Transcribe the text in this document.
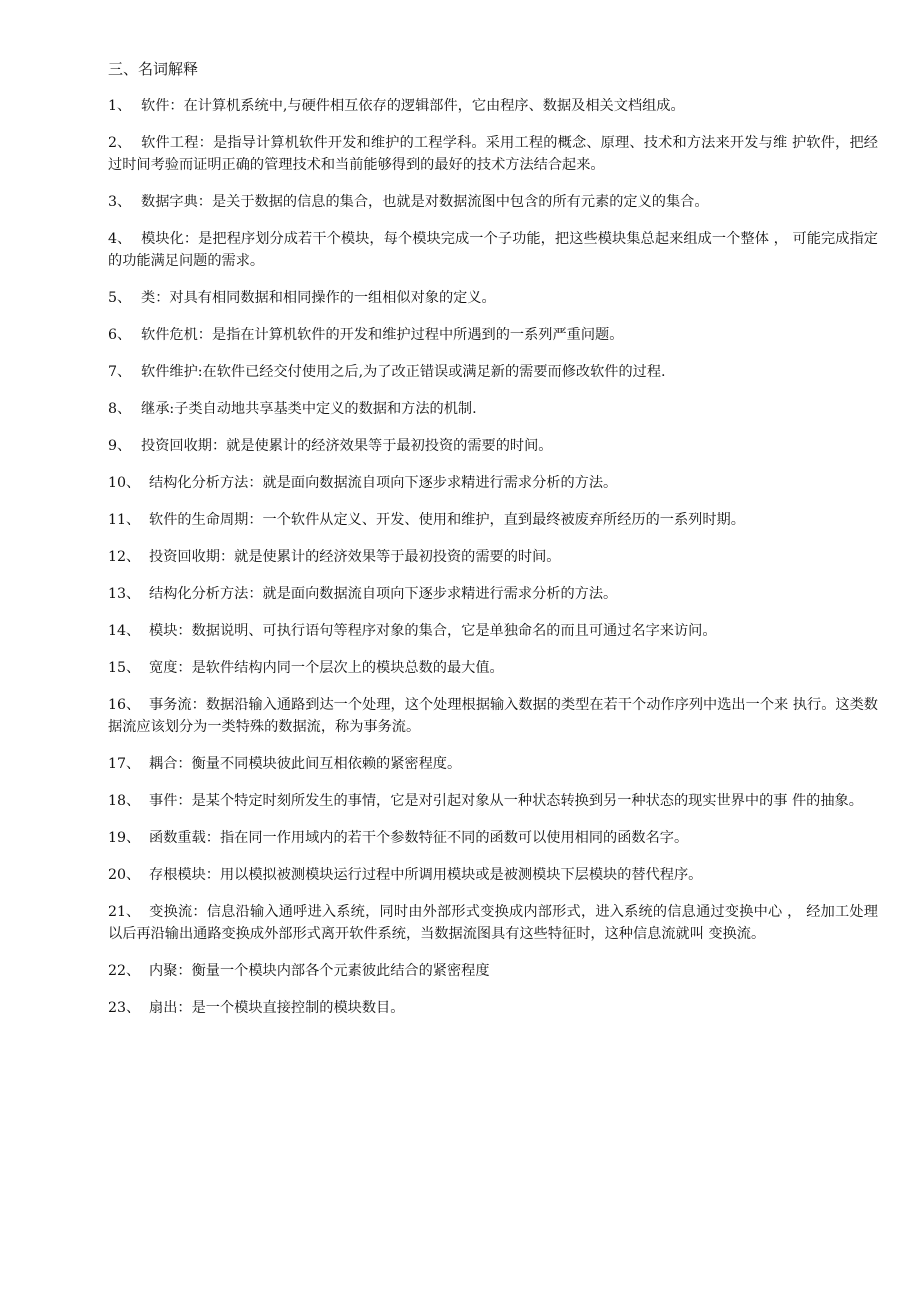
三、名词解释
1、 软件：在计算机系统中,与硬件相互依存的逻辑部件，它由程序、数据及相关文档组成。
2、 软件工程：是指导计算机软件开发和维护的工程学科。采用工程的概念、原理、技术和方法来开发与维 护软件，把经过时间考验而证明正确的管理技术和当前能够得到的最好的技术方法结合起来。
3、 数据字典：是关于数据的信息的集合，也就是对数据流图中包含的所有元素的定义的集合。
4、 模块化：是把程序划分成若干个模块，每个模块完成一个子功能，把这些模块集总起来组成一个整体 ， 可能完成指定的功能满足问题的需求。
5、 类：对具有相同数据和相同操作的一组相似对象的定义。
6、 软件危机：是指在计算机软件的开发和维护过程中所遇到的一系列严重问题。
7、 软件维护:在软件已经交付使用之后,为了改正错误或满足新的需要而修改软件的过程.
8、 继承:子类自动地共享基类中定义的数据和方法的机制.
9、 投资回收期：就是使累计的经济效果等于最初投资的需要的时间。
10、 结构化分析方法：就是面向数据流自项向下逐步求精进行需求分析的方法。
11、 软件的生命周期：一个软件从定义、开发、使用和维护，直到最终被废弃所经历的一系列时期。
12、 投资回收期：就是使累计的经济效果等于最初投资的需要的时间。
13、 结构化分析方法：就是面向数据流自项向下逐步求精进行需求分析的方法。
14、 模块：数据说明、可执行语句等程序对象的集合，它是单独命名的而且可通过名字来访问。
15、 宽度：是软件结构内同一个层次上的模块总数的最大值。
16、 事务流：数据沿输入通路到达一个处理，这个处理根据输入数据的类型在若干个动作序列中选出一个来 执行。这类数据流应该划分为一类特殊的数据流，称为事务流。
17、 耦合：衡量不同模块彼此间互相依赖的紧密程度。
18、 事件：是某个特定时刻所发生的事情，它是对引起对象从一种状态转换到另一种状态的现实世界中的事 件的抽象。
19、 函数重载：指在同一作用域内的若干个参数特征不同的函数可以使用相同的函数名字。
20、 存根模块：用以模拟被测模块运行过程中所调用模块或是被测模块下层模块的替代程序。
21、 变换流：信息沿输入通呼进入系统，同时由外部形式变换成内部形式，进入系统的信息通过变换中心 ， 经加工处理以后再沿输出通路变换成外部形式离开软件系统，当数据流图具有这些特征时，这种信息流就叫 变换流。
22、 内聚：衡量一个模块内部各个元素彼此结合的紧密程度
23、 扇出：是一个模块直接控制的模块数目。
